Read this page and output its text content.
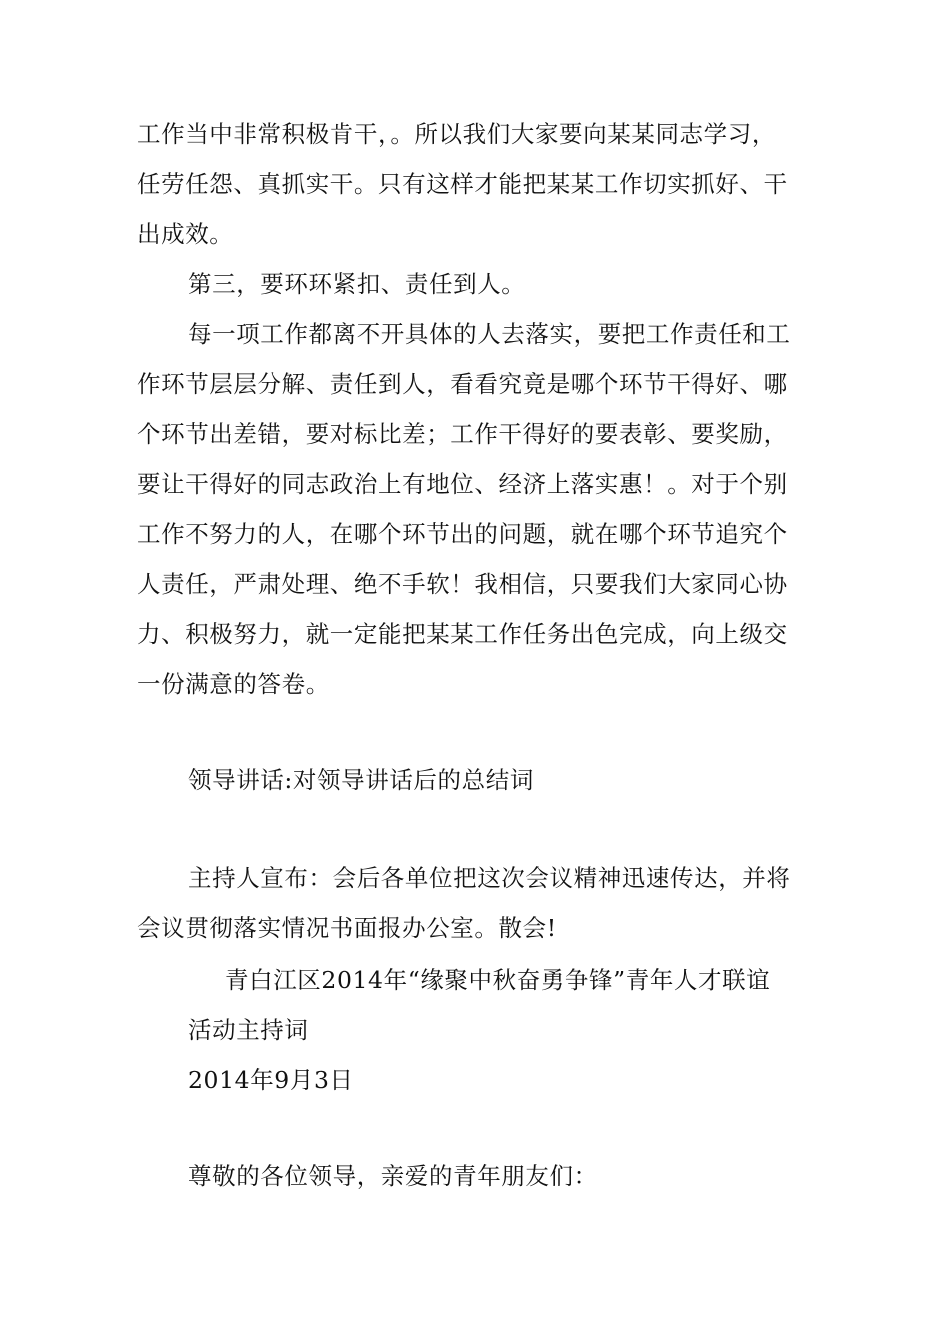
工作当中非常积极肯干，。所以我们大家要向某某同志学习，
任劳任怨、真抓实干。只有这样才能把某某工作切实抓好、干
出成效。
第三，要环环紧扣、责任到人。
每一项工作都离不开具体的人去落实，要把工作责任和工
作环节层层分解、责任到人，看看究竟是哪个环节干得好、哪
个环节出差错，要对标比差；工作干得好的要表彰、要奖励，
要让干得好的同志政治上有地位、经济上落实惠！。对于个别
工作不努力的人，在哪个环节出的问题，就在哪个环节追究个
人责任，严肃处理、绝不手软！我相信，只要我们大家同心协
力、积极努力，就一定能把某某工作任务出色完成，向上级交
一份满意的答卷。
领导讲话:对领导讲话后的总结词
主持人宣布：会后各单位把这次会议精神迅速传达，并将
会议贯彻落实情况书面报办公室。散会!
青白江区2014年“缘聚中秋奋勇争锋”青年人才联谊
活动主持词
2014年9月3日
尊敬的各位领导，亲爱的青年朋友们：
